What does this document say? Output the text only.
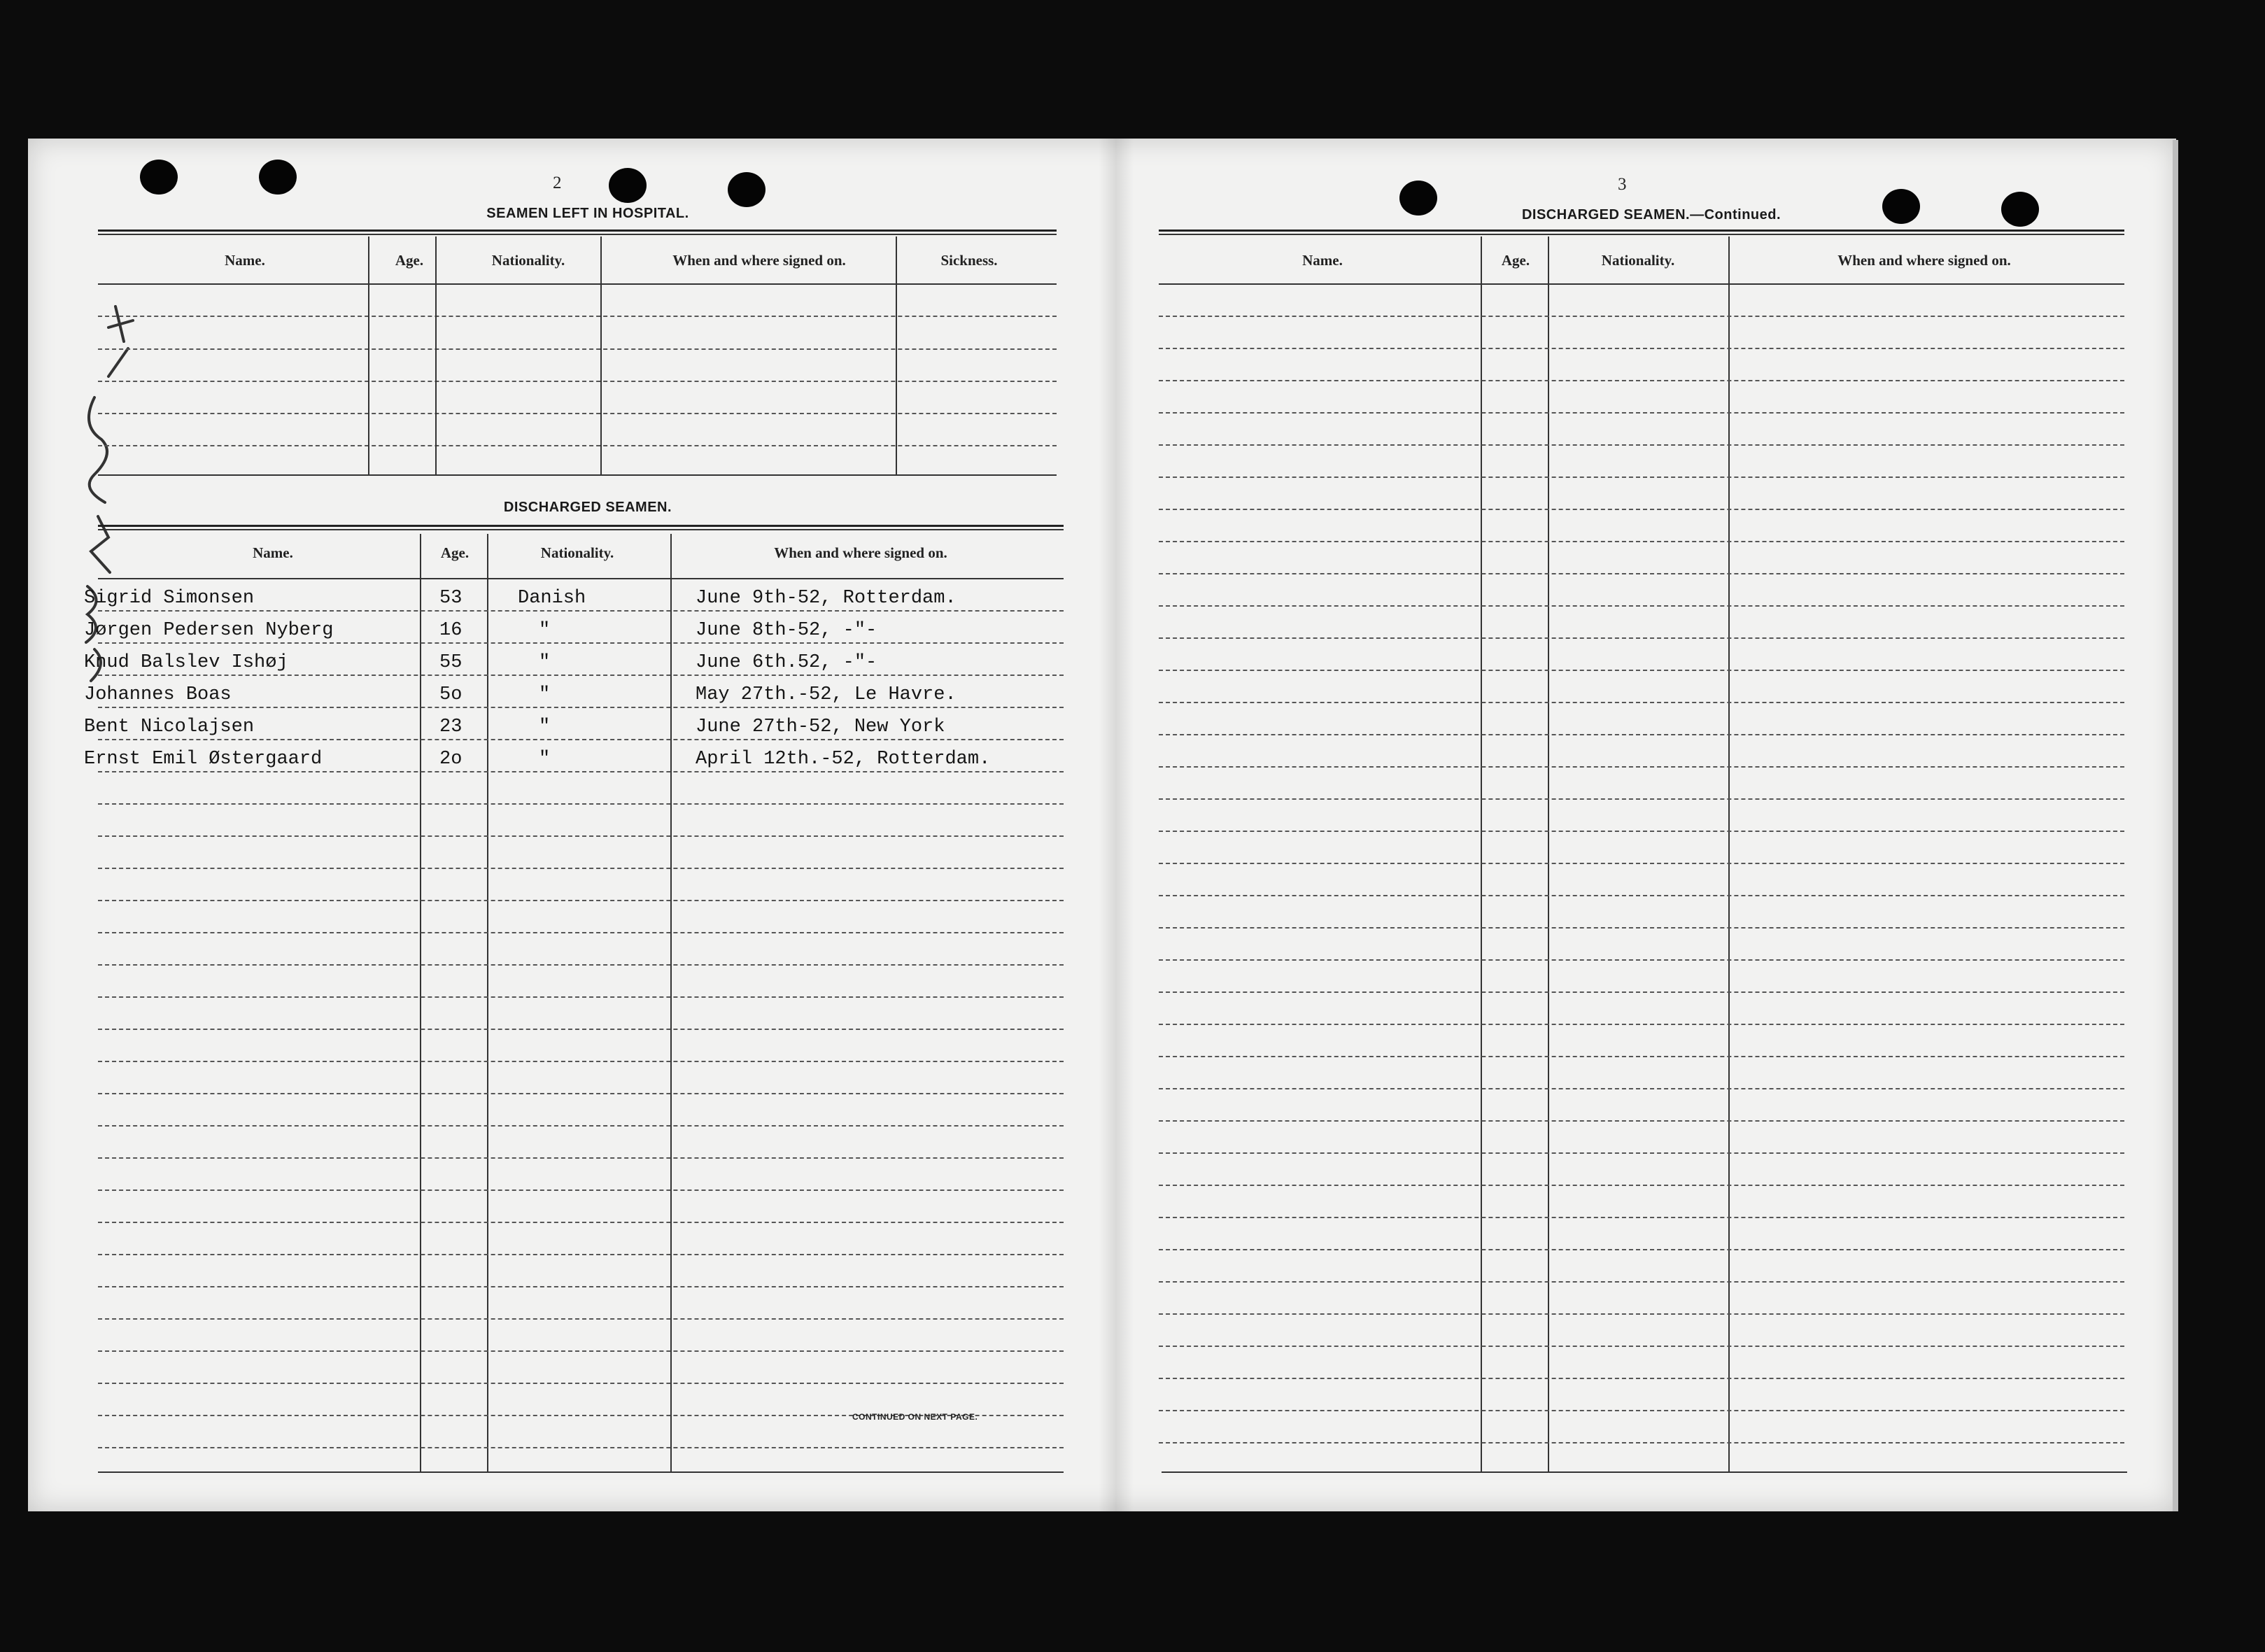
2
SEAMEN LEFT IN HOSPITAL.
Name.	Age.	Nationality.	When and where signed on.	Sickness.
DISCHARGED SEAMEN.
Name.	Age.	Nationality.	When and where signed on.
Sigrid Simonsen	53	Danish	June 9th-52, Rotterdam.
Jørgen Pedersen Nyberg	16	"	June 8th-52, -"-
Knud Balslev Ishøj	55	"	June 6th.52, -"-
Johannes Boas	5o	"	May 27th.-52, Le Havre.
Bent Nicolajsen	23	"	June 27th-52, New York
Ernst Emil Østergaard	2o	"	April 12th.-52, Rotterdam.
CONTINUED ON NEXT PAGE.
3
DISCHARGED SEAMEN.—Continued.
Name.	Age.	Nationality.	When and where signed on.
